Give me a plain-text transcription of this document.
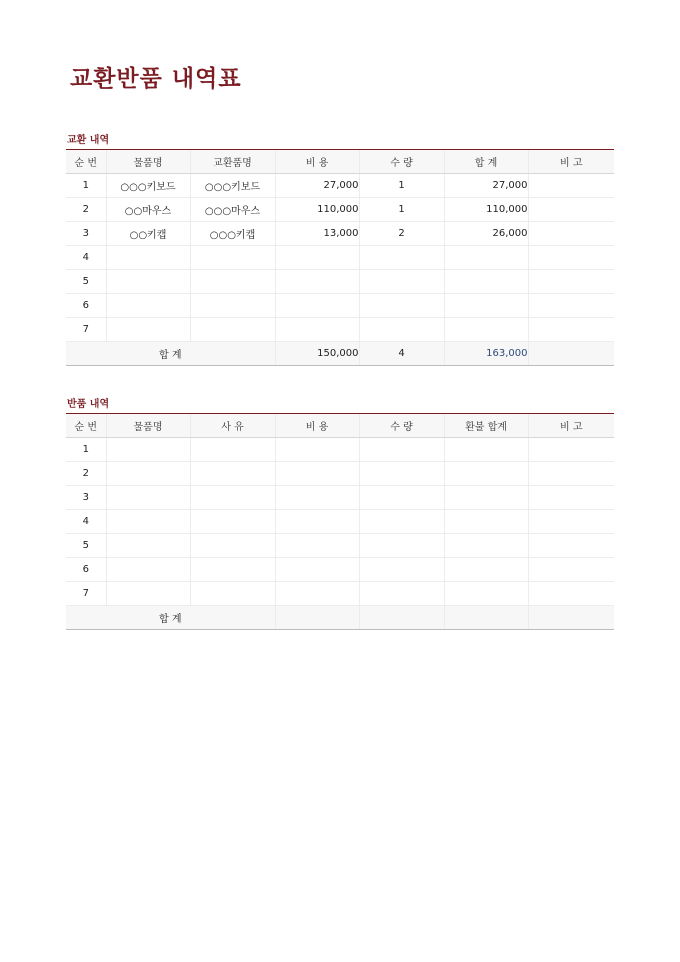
교환반품 내역표
교환 내역
순 번	물품명	교환품명	비 용	수 량	합 계	비 고
1	○○○키보드	○○○키보드	27,000	1	27,000	
2	○○마우스	○○○마우스	110,000	1	110,000	
3	○○키캡	○○○키캡	13,000	2	26,000	
4						
5						
6						
7						
합 계			150,000	4	163,000	
반품 내역
순 번	물품명	사 유	비 용	수 량	환불 합계	비 고
1						
2						
3						
4						
5						
6						
7						
합 계						
